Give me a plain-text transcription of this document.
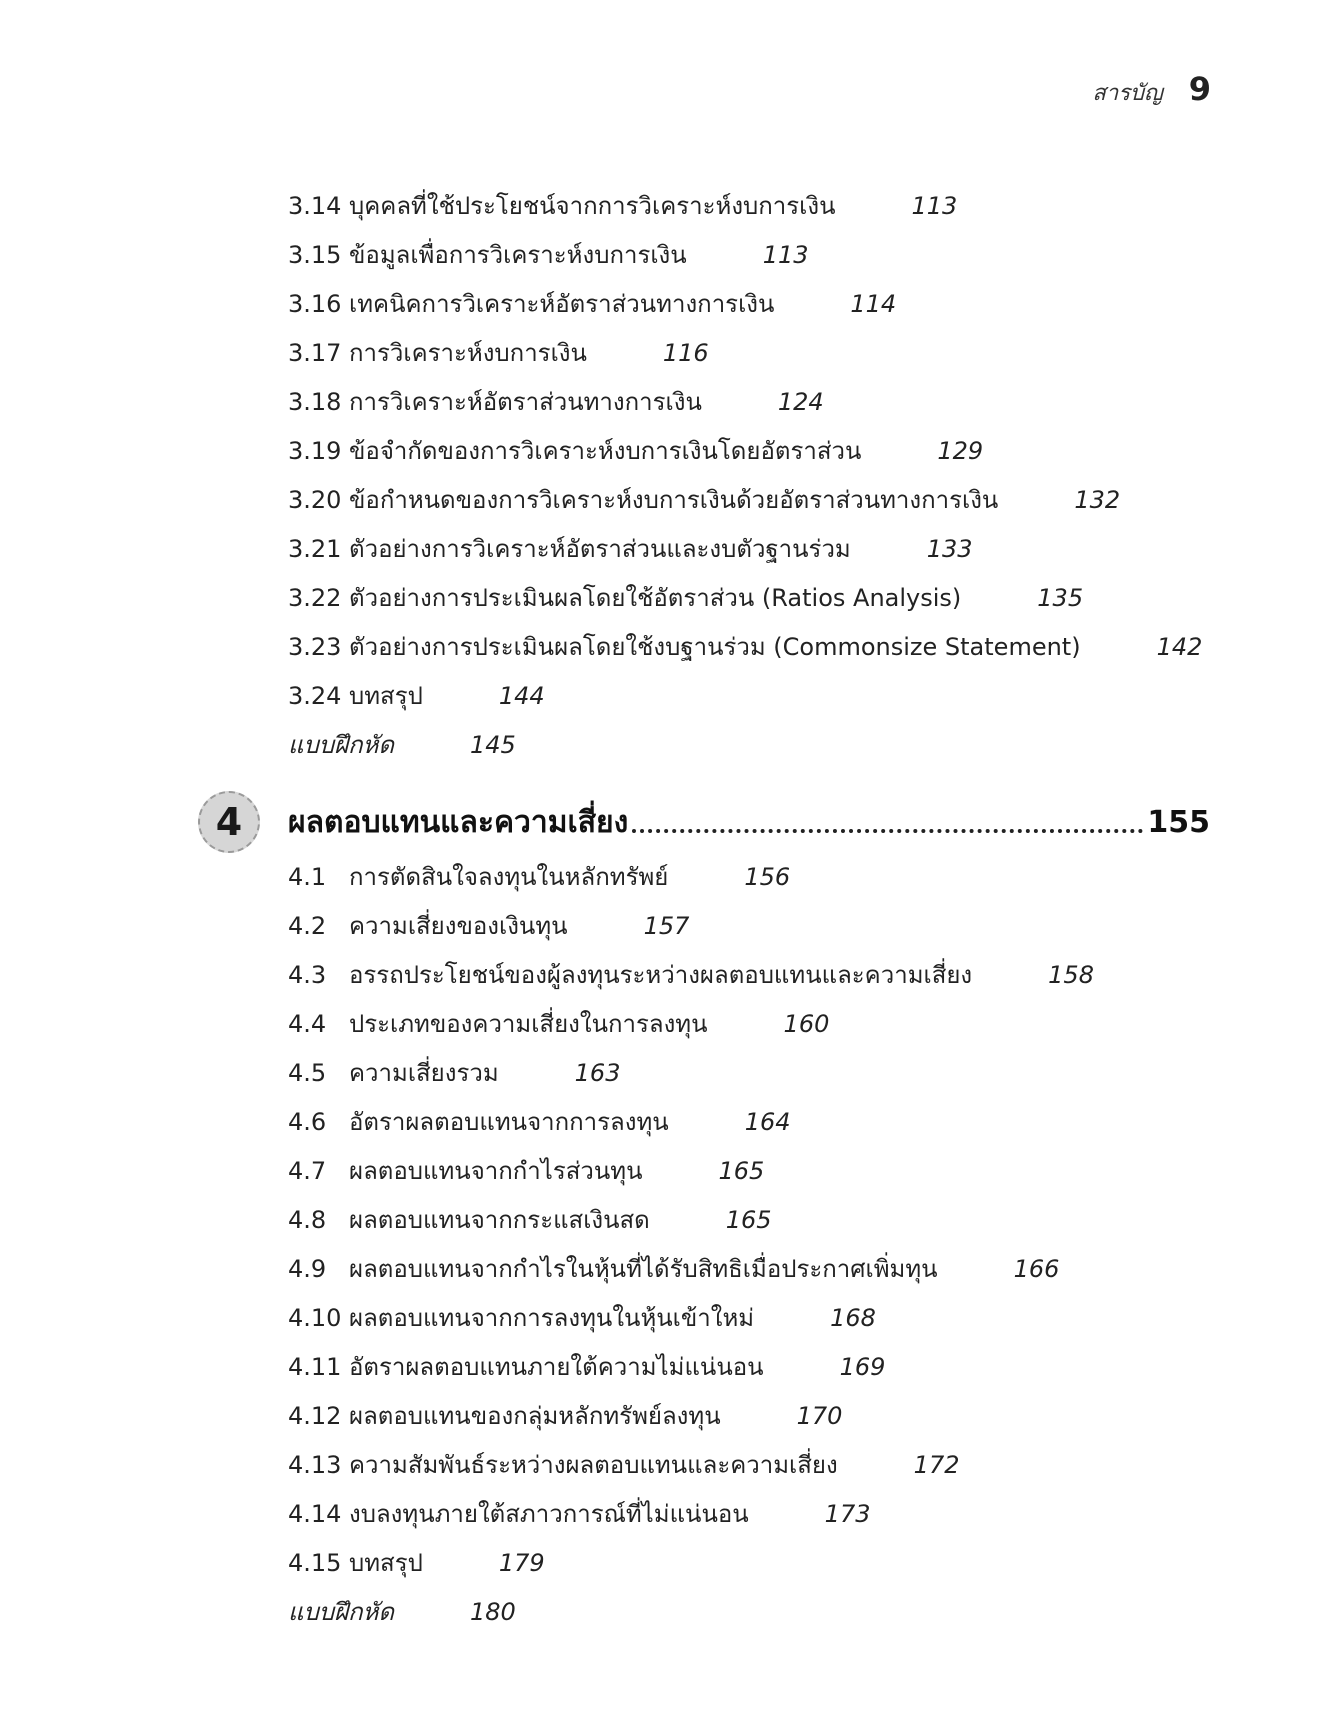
สารบัญ 9
3.14 บุคคลที่ใช้ประโยชน์จากการวิเคราะห์งบการเงิน	113
3.15 ข้อมูลเพื่อการวิเคราะห์งบการเงิน	113
3.16 เทคนิคการวิเคราะห์อัตราส่วนทางการเงิน	114
3.17 การวิเคราะห์งบการเงิน	116
3.18 การวิเคราะห์อัตราส่วนทางการเงิน	124
3.19 ข้อจำกัดของการวิเคราะห์งบการเงินโดยอัตราส่วน	129
3.20 ข้อกำหนดของการวิเคราะห์งบการเงินด้วยอัตราส่วนทางการเงิน	132
3.21 ตัวอย่างการวิเคราะห์อัตราส่วนและงบตัวฐานร่วม	133
3.22 ตัวอย่างการประเมินผลโดยใช้อัตราส่วน (Ratios Analysis)	135
3.23 ตัวอย่างการประเมินผลโดยใช้งบฐานร่วม (Commonsize Statement)	142
3.24 บทสรุป	144
แบบฝึกหัด	145
4	ผลตอบแทนและความเสี่ยง	155
4.1 การตัดสินใจลงทุนในหลักทรัพย์	156
4.2 ความเสี่ยงของเงินทุน	157
4.3 อรรถประโยชน์ของผู้ลงทุนระหว่างผลตอบแทนและความเสี่ยง	158
4.4 ประเภทของความเสี่ยงในการลงทุน	160
4.5 ความเสี่ยงรวม	163
4.6 อัตราผลตอบแทนจากการลงทุน	164
4.7 ผลตอบแทนจากกำไรส่วนทุน	165
4.8 ผลตอบแทนจากกระแสเงินสด	165
4.9 ผลตอบแทนจากกำไรในหุ้นที่ได้รับสิทธิเมื่อประกาศเพิ่มทุน	166
4.10 ผลตอบแทนจากการลงทุนในหุ้นเข้าใหม่	168
4.11 อัตราผลตอบแทนภายใต้ความไม่แน่นอน	169
4.12 ผลตอบแทนของกลุ่มหลักทรัพย์ลงทุน	170
4.13 ความสัมพันธ์ระหว่างผลตอบแทนและความเสี่ยง	172
4.14 งบลงทุนภายใต้สภาวการณ์ที่ไม่แน่นอน	173
4.15 บทสรุป	179
แบบฝึกหัด	180
